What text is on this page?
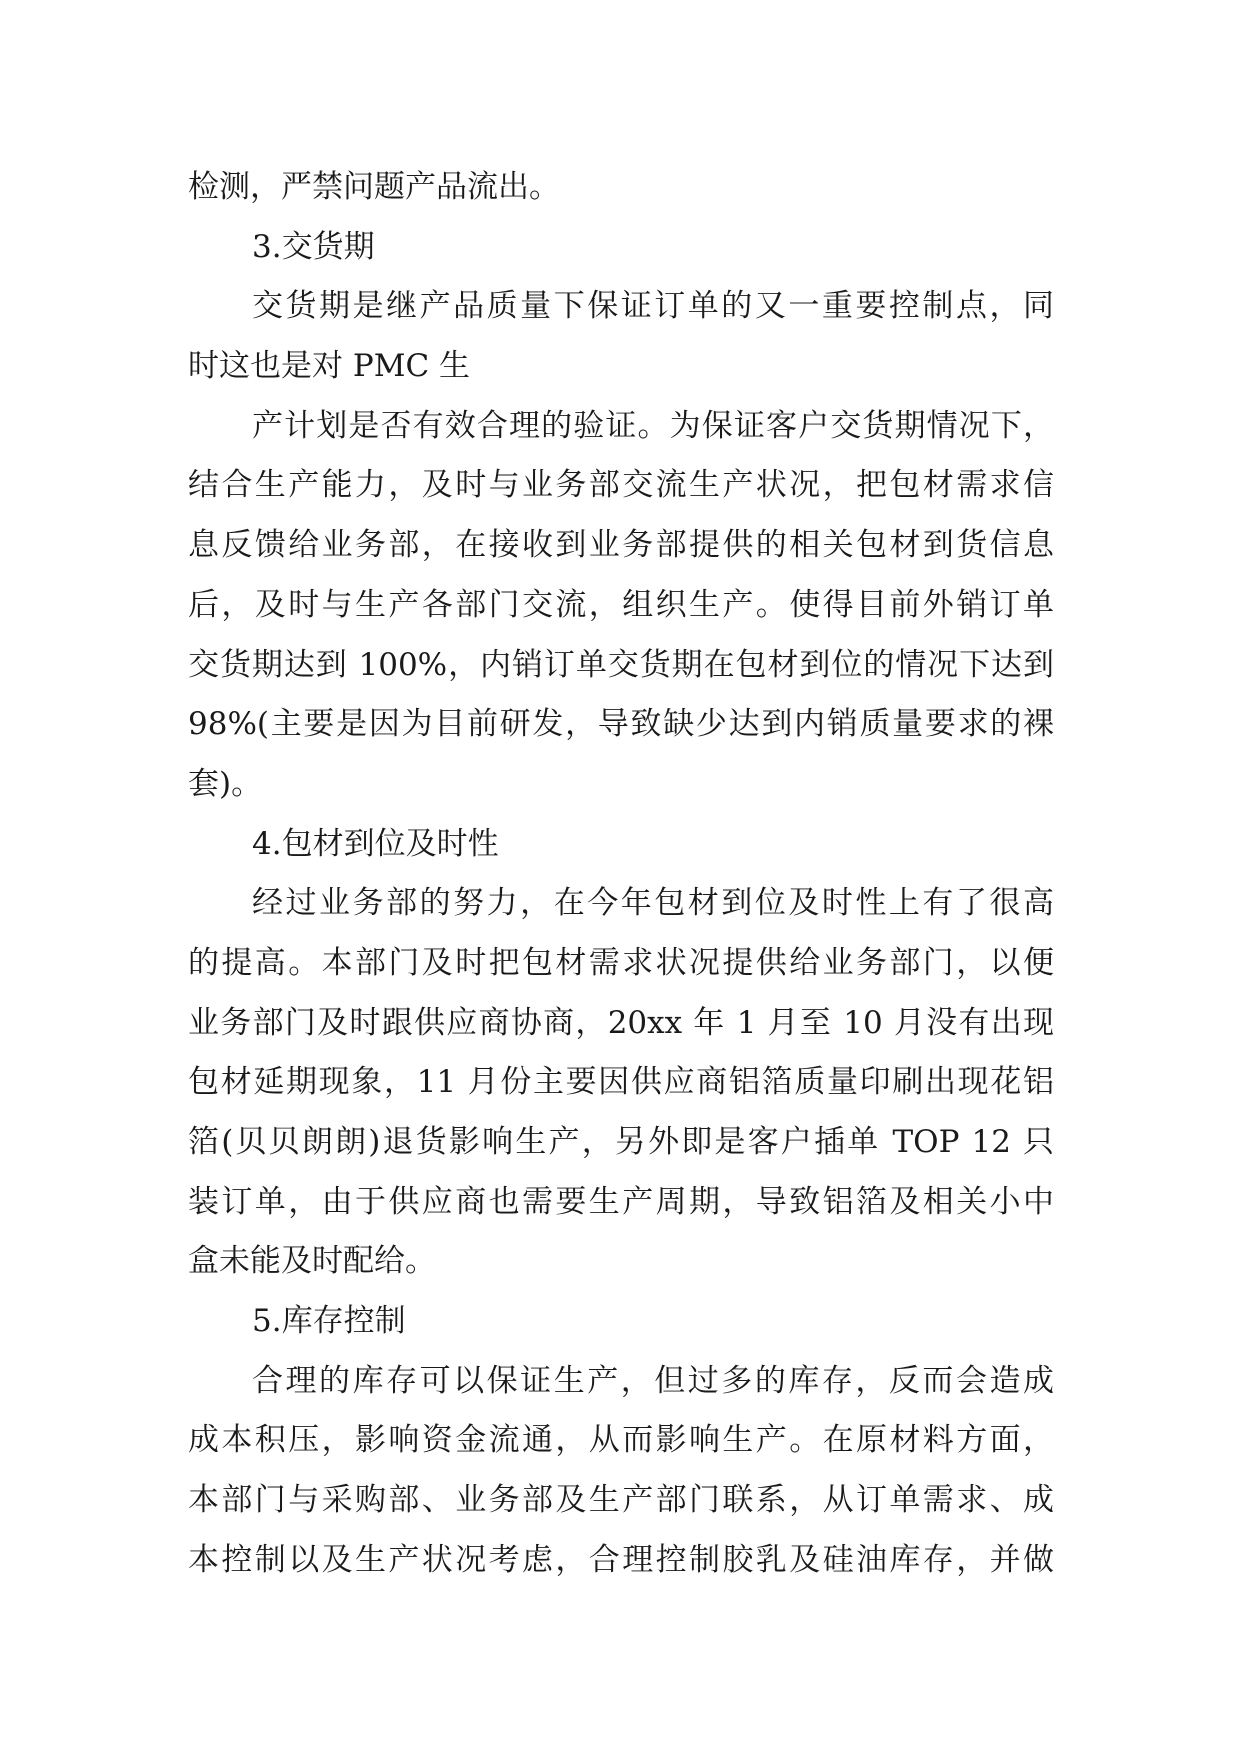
检测，严禁问题产品流出。
3.交货期
交货期是继产品质量下保证订单的又一重要控制点，同
时这也是对 PMC 生
产计划是否有效合理的验证。为保证客户交货期情况下，
结合生产能力，及时与业务部交流生产状况，把包材需求信
息反馈给业务部，在接收到业务部提供的相关包材到货信息
后，及时与生产各部门交流，组织生产。使得目前外销订单
交货期达到 100%，内销订单交货期在包材到位的情况下达到
98%(主要是因为目前研发，导致缺少达到内销质量要求的裸
套)。
4.包材到位及时性
经过业务部的努力，在今年包材到位及时性上有了很高
的提高。本部门及时把包材需求状况提供给业务部门，以便
业务部门及时跟供应商协商，20xx 年 1 月至 10 月没有出现
包材延期现象，11 月份主要因供应商铝箔质量印刷出现花铝
箔(贝贝朗朗)退货影响生产，另外即是客户插单 TOP 12 只
装订单，由于供应商也需要生产周期，导致铝箔及相关小中
盒未能及时配给。
5.库存控制
合理的库存可以保证生产，但过多的库存，反而会造成
成本积压，影响资金流通，从而影响生产。在原材料方面，
本部门与采购部、业务部及生产部门联系，从订单需求、成
本控制以及生产状况考虑，合理控制胶乳及硅油库存，并做
